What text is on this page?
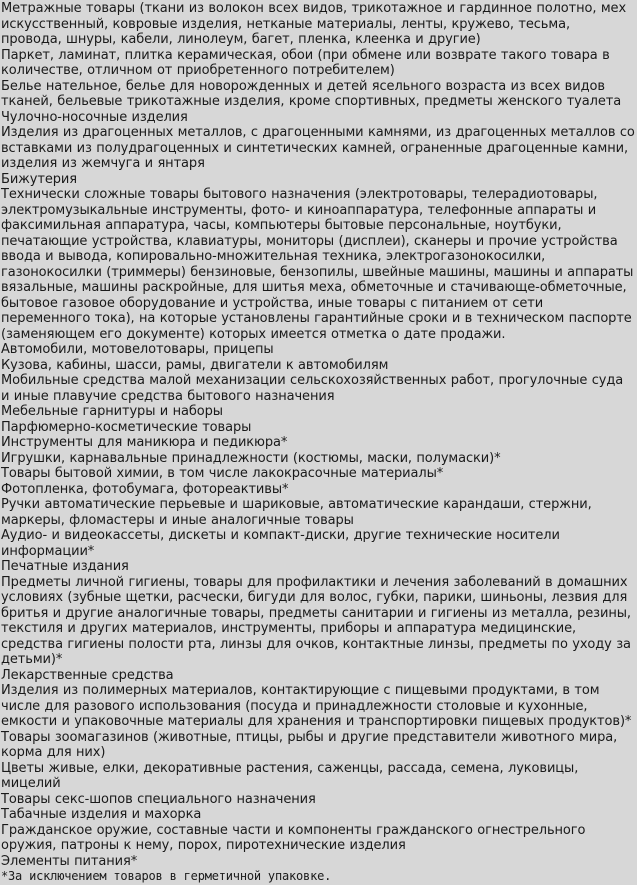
Метражные товары (ткани из волокон всех видов, трикотажное и гардинное полотно, мех искусственный, ковровые изделия, нетканые материалы, ленты, кружево, тесьма, провода, шнуры, кабели, линолеум, багет, пленка, клеенка и другие)

Паркет, ламинат, плитка керамическая, обои (при обмене или возврате такого товара в количестве, отличном от приобретенного потребителем)

Белье нательное, белье для новорожденных и детей ясельного возраста из всех видов тканей, бельевые трикотажные изделия, кроме спортивных, предметы женского туалета

Чулочно-носочные изделия

Изделия из драгоценных металлов, с драгоценными камнями, из драгоценных металлов со вставками из полудрагоценных и синтетических камней, ограненные драгоценные камни, изделия из жемчуга и янтаря

Бижутерия

Технически сложные товары бытового назначения (электротовары, телерадиотовары, электромузыкальные инструменты, фото- и киноаппаратура, телефонные аппараты и факсимильная аппаратура, часы, компьютеры бытовые персональные, ноутбуки, печатающие устройства, клавиатуры, мониторы (дисплеи), сканеры и прочие устройства ввода и вывода, копировально-множительная техника, электрогазонокосилки, газонокосилки (триммеры) бензиновые, бензопилы, швейные машины, машины и аппараты вязальные, машины раскройные, для шитья меха, обметочные и стачивающе-обметочные, бытовое газовое оборудование и устройства, иные товары с питанием от сети переменного тока), на которые установлены гарантийные сроки и в техническом паспорте (заменяющем его документе) которых имеется отметка о дате продажи.

Автомобили, мотовелотовары, прицепы

Кузова, кабины, шасси, рамы, двигатели к автомобилям

Мобильные средства малой механизации сельскохозяйственных работ, прогулочные суда и иные плавучие средства бытового назначения

Мебельные гарнитуры и наборы

Парфюмерно-косметические товары

Инструменты для маникюра и педикюра*

Игрушки, карнавальные принадлежности (костюмы, маски, полумаски)*

Товары бытовой химии, в том числе лакокрасочные материалы*

Фотопленка, фотобумага, фотореактивы*

Ручки автоматические перьевые и шариковые, автоматические карандаши, стержни, маркеры, фломастеры и иные аналогичные товары

Аудио- и видеокассеты, дискеты и компакт-диски, другие технические носители информации*

Печатные издания

Предметы личной гигиены, товары для профилактики и лечения заболеваний в домашних условиях (зубные щетки, расчески, бигуди для волос, губки, парики, шиньоны, лезвия для бритья и другие аналогичные товары, предметы санитарии и гигиены из металла, резины, текстиля и других материалов, инструменты, приборы и аппаратура медицинские, средства гигиены полости рта, линзы для очков, контактные линзы, предметы по уходу за детьми)*

Лекарственные средства

Изделия из полимерных материалов, контактирующие с пищевыми продуктами, в том числе для разового использования (посуда и принадлежности столовые и кухонные, емкости и упаковочные материалы для хранения и транспортировки пищевых продуктов)*

Товары зоомагазинов (животные, птицы, рыбы и другие представители животного мира, корма для них)

Цветы живые, елки, декоративные растения, саженцы, рассада, семена, луковицы, мицелий

Товары секс-шопов специального назначения

Табачные изделия и махорка

Гражданское оружие, составные части и компоненты гражданского огнестрельного оружия, патроны к нему, порох, пиротехнические изделия

Элементы питания*

*За исключением товаров в герметичной упаковке.
